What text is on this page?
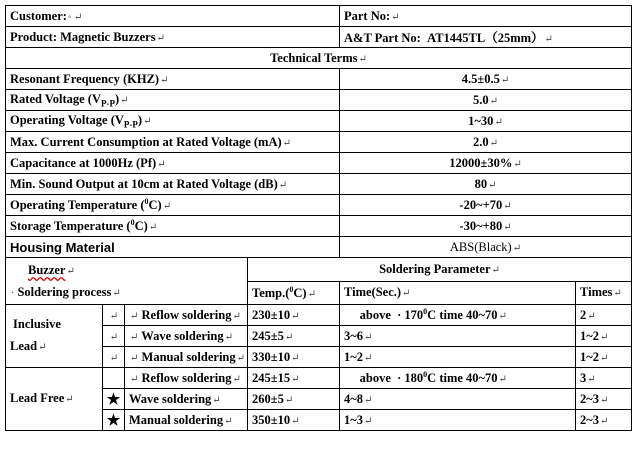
Customer:◦ ↵				Part No:↵	
Product: Magnetic Buzzers↵				A&T Part No: AT1445TL（25mm）↵	
Technical Terms↵					
Resonant Frequency (KHZ)↵				4.5±0.5↵	
Rated Voltage $(V_{P-P})↵$				5.0↵	
Operating Voltage $(V_{P-P})↵$				1~30↵	
Max. Current Consumption at Rated Voltage (mA)↵				2.0↵	
Capacitance at 1000Hz (Pf)↵				12000±30%↵	
Min. Sound Output at 10cm at Rated Voltage (dB)↵				80↵	
Operating Temperature ($^0$C)↵				-20~+70↵	
Storage Temperature ($^0$C)↵				-30~+80↵	
Housing Material				ABS(Black)↵	

Buzzer↵
· Soldering process↵			Soldering Parameter↵		
			Temp.($^0$C)↵	Time(Sec.)↵	Times↵

Inclusive
Lead↵	↵	↵ Reflow soldering↵	230±10↵	above  · $170^0C$ time 40~70↵	2↵
	↵	↵ Wave soldering↵	245±5↵	3~6↵	1~2↵
	↵	↵ Manual soldering↵	330±10↵	1~2↵	1~2↵
Lead Free↵		↵ Reflow soldering↵	245±15↵	above  · $180^0C$ time 40~70↵	3↵
	★	Wave soldering↵	260±5↵	4~8↵	2~3↵
	★	Manual soldering↵	350±10↵	1~3↵	2~3↵
